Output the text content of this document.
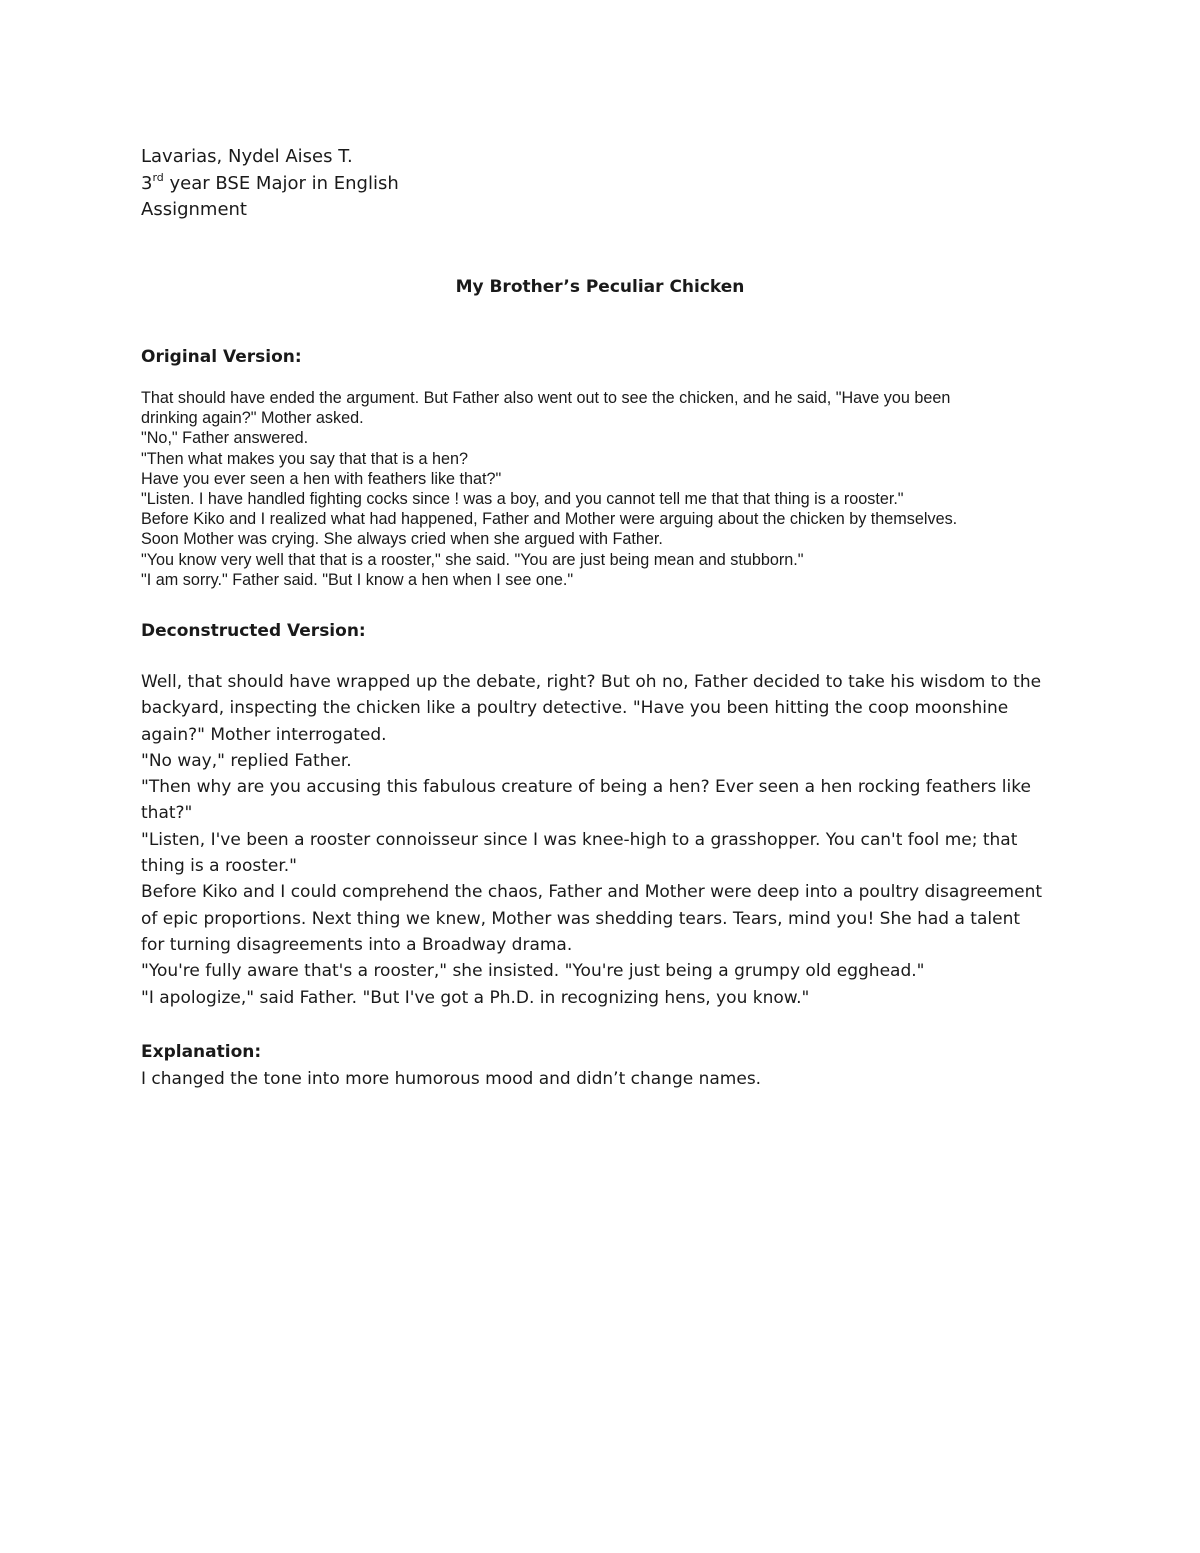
Lavarias, Nydel Aises T.
3rd year BSE Major in English
Assignment
My Brother’s Peculiar Chicken
Original Version:
That should have ended the argument. But Father also went out to see the chicken, and he said, "Have you been
drinking again?" Mother asked.
"No," Father answered.
"Then what makes you say that that is a hen?
Have you ever seen a hen with feathers like that?"
"Listen. I have handled fighting cocks since ! was a boy, and you cannot tell me that that thing is a rooster."
Before Kiko and I realized what had happened, Father and Mother were arguing about the chicken by themselves.
Soon Mother was crying. She always cried when she argued with Father.
"You know very well that that is a rooster," she said. "You are just being mean and stubborn."
"I am sorry." Father said. "But I know a hen when I see one."
Deconstructed Version:
Well, that should have wrapped up the debate, right? But oh no, Father decided to take his wisdom to the
backyard, inspecting the chicken like a poultry detective. "Have you been hitting the coop moonshine
again?" Mother interrogated.
"No way," replied Father.
"Then why are you accusing this fabulous creature of being a hen? Ever seen a hen rocking feathers like
that?"
"Listen, I've been a rooster connoisseur since I was knee-high to a grasshopper. You can't fool me; that
thing is a rooster."
Before Kiko and I could comprehend the chaos, Father and Mother were deep into a poultry disagreement
of epic proportions. Next thing we knew, Mother was shedding tears. Tears, mind you! She had a talent
for turning disagreements into a Broadway drama.
"You're fully aware that's a rooster," she insisted. "You're just being a grumpy old egghead."
"I apologize," said Father. "But I've got a Ph.D. in recognizing hens, you know."
Explanation:
I changed the tone into more humorous mood and didn’t change names.
